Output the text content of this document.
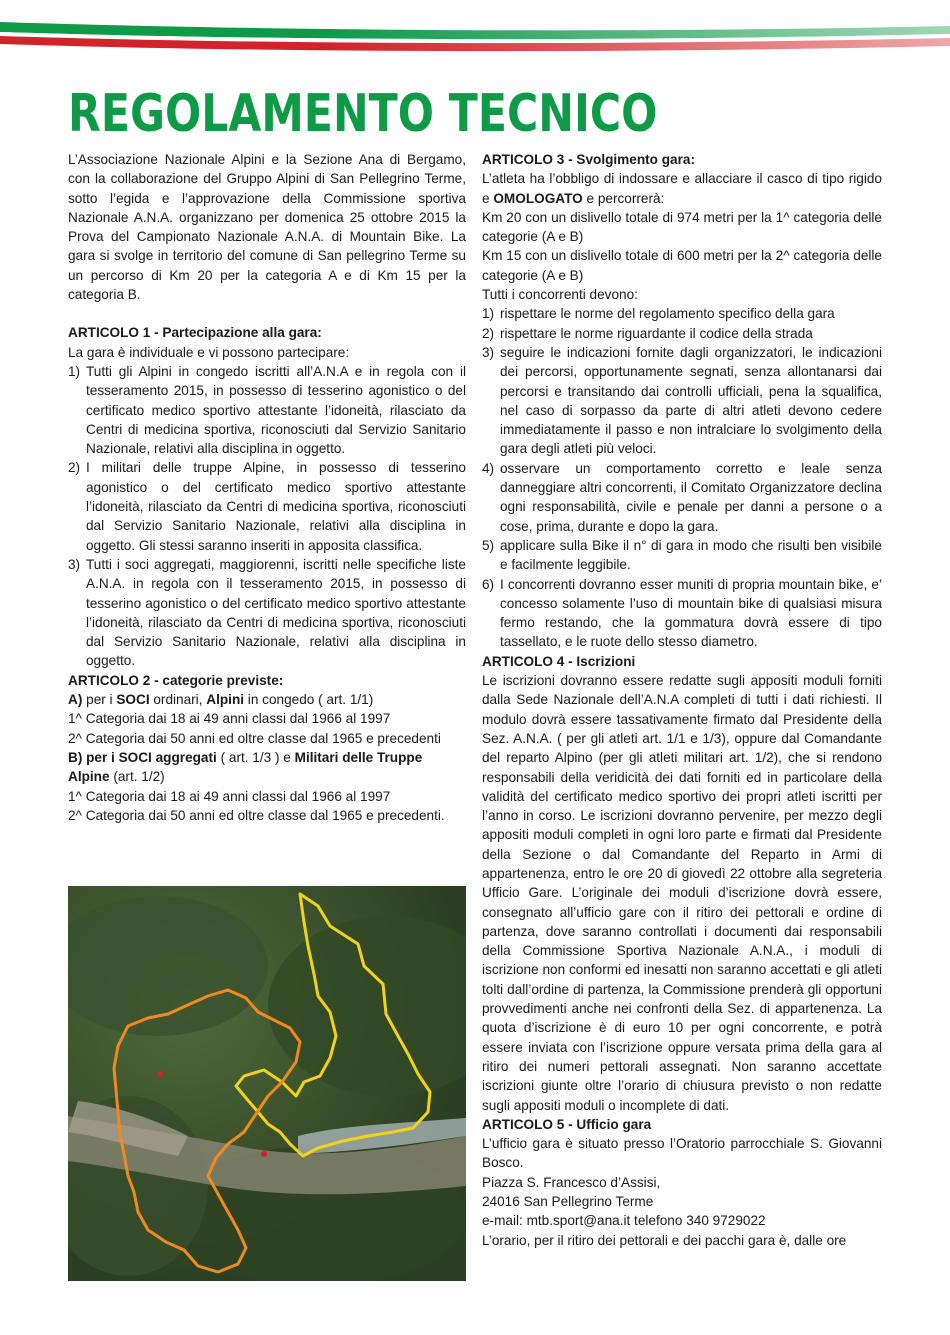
REGOLAMENTO TECNICO

L’Associazione Nazionale Alpini e la Sezione Ana di Bergamo, con la collaborazione del Gruppo Alpini di San Pellegrino Terme, sotto l’egida e l’approvazione della Commissione sportiva Nazionale A.N.A. organizzano per domenica 25 ottobre 2015 la Prova del Campionato Nazionale A.N.A. di Mountain Bike. La gara si svolge in territorio del comune di San pellegrino Terme su un percorso di Km 20 per la categoria A e di Km 15 per la categoria B.

ARTICOLO 1 - Partecipazione alla gara:

La gara è individuale e vi possono partecipare:

1) Tutti gli Alpini in congedo iscritti all’A.N.A e in regola con il tesseramento 2015, in possesso di tesserino agonistico o del certificato medico sportivo attestante l’idoneità, rilasciato da Centri di medicina sportiva, riconosciuti dal Servizio Sanitario Nazionale, relativi alla disciplina in oggetto.
2) I militari delle truppe Alpine, in possesso di tesserino agonistico o del certificato medico sportivo attestante l’idoneità, rilasciato da Centri di medicina sportiva, riconosciuti dal Servizio Sanitario Nazionale, relativi alla disciplina in oggetto. Gli stessi saranno inseriti in apposita classifica.
3) Tutti i soci aggregati, maggiorenni, iscritti nelle specifiche liste A.N.A. in regola con il tesseramento 2015, in possesso di tesserino agonistico o del certificato medico sportivo attestante l’idoneità, rilasciato da Centri di medicina sportiva, riconosciuti dal Servizio Sanitario Nazionale, relativi alla disciplina in oggetto.

ARTICOLO 2 - categorie previste:

A) per i SOCI ordinari, Alpini in congedo ( art. 1/1)

1^ Categoria dai 18 ai 49 anni classi dal 1966 al 1997

2^ Categoria dai 50 anni ed oltre classe dal 1965 e precedenti

B) per i SOCI aggregati ( art. 1/3 ) e Militari delle Truppe Alpine (art. 1/2)

1^ Categoria dai 18 ai 49 anni classi dal 1966 al 1997

2^ Categoria dai 50 anni ed oltre classe dal 1965 e precedenti.

ARTICOLO 3 - Svolgimento gara:

L’atleta ha l’obbligo di indossare e allacciare il casco di tipo rigido e OMOLOGATO e percorrerà:

Km 20 con un dislivello totale di 974 metri per la 1^ categoria delle categorie (A e B)

Km 15 con un dislivello totale di 600 metri per la 2^ categoria delle categorie (A e B)

Tutti i concorrenti devono:

1) rispettare le norme del regolamento specifico della gara
2) rispettare le norme riguardante il codice della strada
3) seguire le indicazioni fornite dagli organizzatori, le indicazioni dei percorsi, opportunamente segnati, senza allontanarsi dai percorsi e transitando dai controlli ufficiali, pena la squalifica, nel caso di sorpasso da parte di altri atleti devono cedere immediatamente il passo e non intralciare lo svolgimento della gara degli atleti più veloci.
4) osservare un comportamento corretto e leale senza danneggiare altri concorrenti, il Comitato Organizzatore declina ogni responsabilità, civile e penale per danni a persone o a cose, prima, durante e dopo la gara.
5) applicare sulla Bike il n° di gara in modo che risulti ben visibile e facilmente leggibile.
6) I concorrenti dovranno esser muniti di propria mountain bike, e’ concesso solamente l’uso di mountain bike di qualsiasi misura fermo restando, che la gommatura dovrà essere di tipo tassellato, e le ruote dello stesso diametro.

ARTICOLO 4 - Iscrizioni

Le iscrizioni dovranno essere redatte sugli appositi moduli forniti dalla Sede Nazionale dell’A.N.A completi di tutti i dati richiesti. Il modulo dovrà essere tassativamente firmato dal Presidente della Sez. A.N.A. ( per gli atleti art. 1/1 e 1/3), oppure dal Comandante del reparto Alpino (per gli atleti militari art. 1/2), che si rendono responsabili della veridicità dei dati forniti ed in particolare della validità del certificato medico sportivo dei propri atleti iscritti per l’anno in corso. Le iscrizioni dovranno pervenire, per mezzo degli appositi moduli completi in ogni loro parte e firmati dal Presidente della Sezione o dal Comandante del Reparto in Armi di appartenenza, entro le ore 20 di giovedì 22 ottobre alla segreteria Ufficio Gare. L’originale dei moduli d’iscrizione dovrà essere, consegnato all’ufficio gare con il ritiro dei pettorali e ordine di partenza, dove saranno controllati i documenti dai responsabili della Commissione Sportiva Nazionale A.N.A., i moduli di iscrizione non conformi ed inesatti non saranno accettati e gli atleti tolti dall’ordine di partenza, la Commissione prenderà gli opportuni provvedimenti anche nei confronti della Sez. di appartenenza. La quota d’iscrizione è di euro 10 per ogni concorrente, e potrà essere inviata con l’iscrizione oppure versata prima della gara al ritiro dei numeri pettorali assegnati. Non saranno accettate iscrizioni giunte oltre l’orario di chiusura previsto o non redatte sugli appositi moduli o incomplete di dati.

ARTICOLO 5 - Ufficio gara

L’ufficio gara è situato presso l’Oratorio parrocchiale S. Giovanni Bosco.

Piazza S. Francesco d’Assisi,

24016 San Pellegrino Terme

e-mail: mtb.sport@ana.it telefono 340 9729022

L’orario, per il ritiro dei pettorali e dei pacchi gara è, dalle ore
